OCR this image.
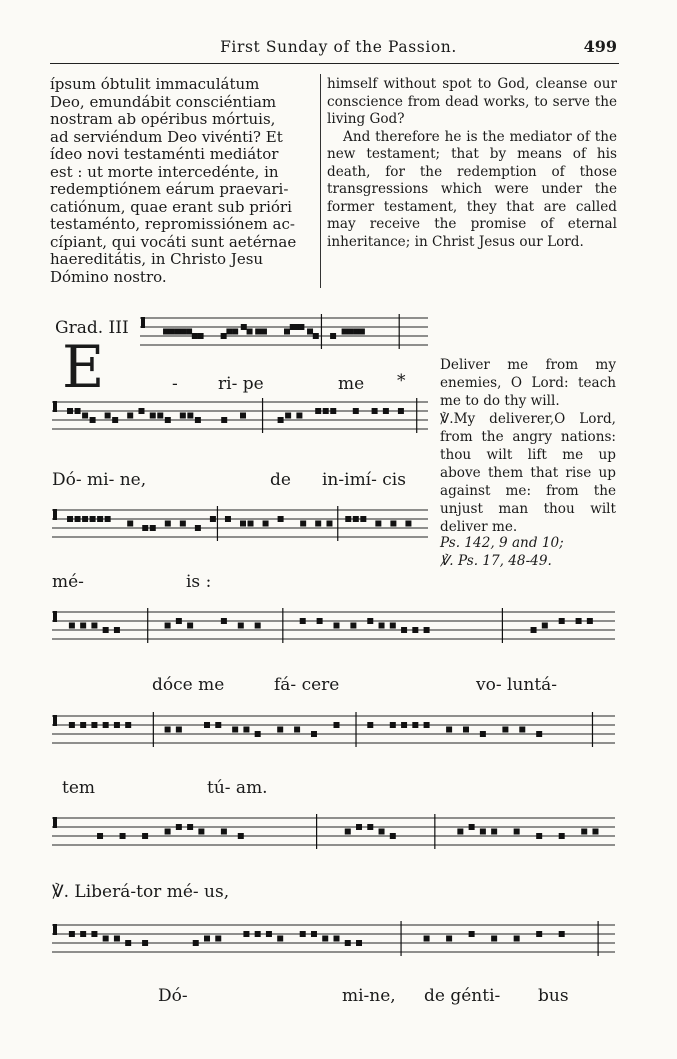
First Sunday of the Passion.	499
ípsum óbtulit immaculátum
Deo, emundábit consciéntiam
nostram ab opéribus mórtuis,
ad serviéndum Deo vivénti? Et
ídeo novi testaménti mediátor
est : ut morte intercedénte, in
redemptiónem eárum praevari-
catiónum, quae erant sub prióri
testaménto, repromissiónem ac-
cípiant, qui vocáti sunt aetérnae
haereditátis, in Christo Jesu
Dómino nostro.

himself without spot to God, cleanse our conscience from dead works, to serve the living God?

And therefore he is the mediator of the new testament; that by means of his death, for the redemption of those transgressions which were under the former testament, they that are called may receive the promise of eternal inheritance; in Christ Jesus our Lord.

Grad. III
E	- ri- pe	me *
Dó- mi- ne,	de in-imí- cis
mé-	is :
dóce me	fá- cere	vo- luntá-
tem	tú- am.
℣. Liberá-tor mé- us,
Dó-	mi-ne, de génti- bus

Deliver me from my enemies, O Lord: teach me to do thy will.

℣.My deliverer,O Lord, from the angry nations: thou wilt lift me up above them that rise up against me: from the unjust man thou wilt deliver me.

Ps. 142, 9 and 10;
℣. Ps. 17, 48-49.
